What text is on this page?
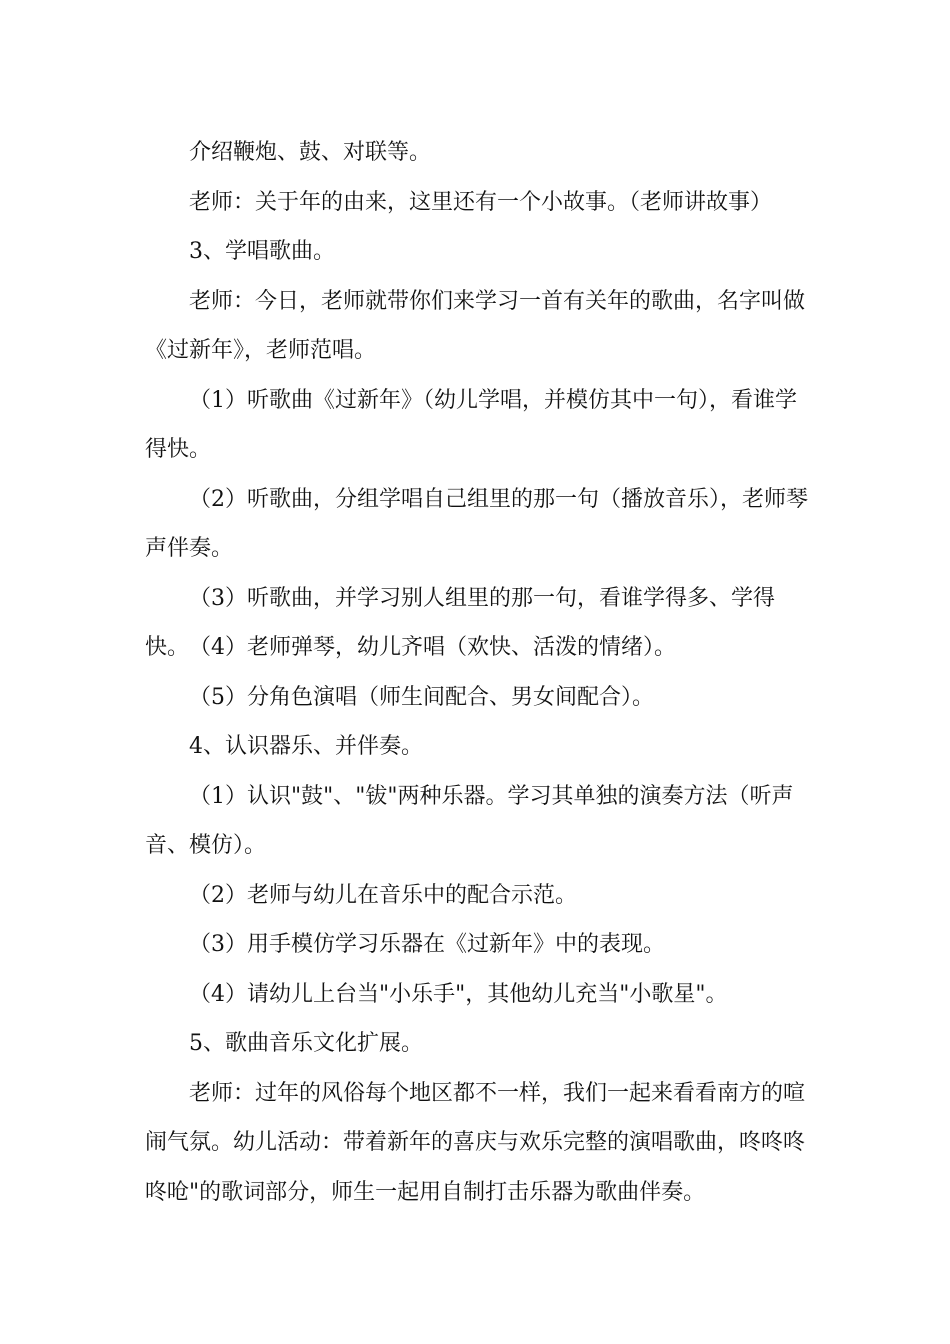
介绍鞭炮、鼓、对联等。

老师：关于年的由来，这里还有一个小故事。（老师讲故事）

3、学唱歌曲。

老师：今日，老师就带你们来学习一首有关年的歌曲，名字叫做《过新年》，老师范唱。

（1）听歌曲《过新年》（幼儿学唱，并模仿其中一句），看谁学得快。

（2）听歌曲，分组学唱自己组里的那一句（播放音乐），老师琴声伴奏。

（3）听歌曲，并学习别人组里的那一句，看谁学得多、学得快。 （4）老师弹琴，幼儿齐唱（欢快、活泼的情绪）。

（5）分角色演唱（师生间配合、男女间配合）。

4、认识器乐、并伴奏。

（1）认识"鼓"、"钹"两种乐器。学习其单独的演奏方法（听声音、模仿）。

（2）老师与幼儿在音乐中的配合示范。

（3）用手模仿学习乐器在《过新年》中的表现。

（4）请幼儿上台当"小乐手"，其他幼儿充当"小歌星"。

5、歌曲音乐文化扩展。

老师：过年的风俗每个地区都不一样，我们一起来看看南方的喧闹气氛。幼儿活动：带着新年的喜庆与欢乐完整的演唱歌曲，咚咚咚咚呛"的歌词部分，师生一起用自制打击乐器为歌曲伴奏。
